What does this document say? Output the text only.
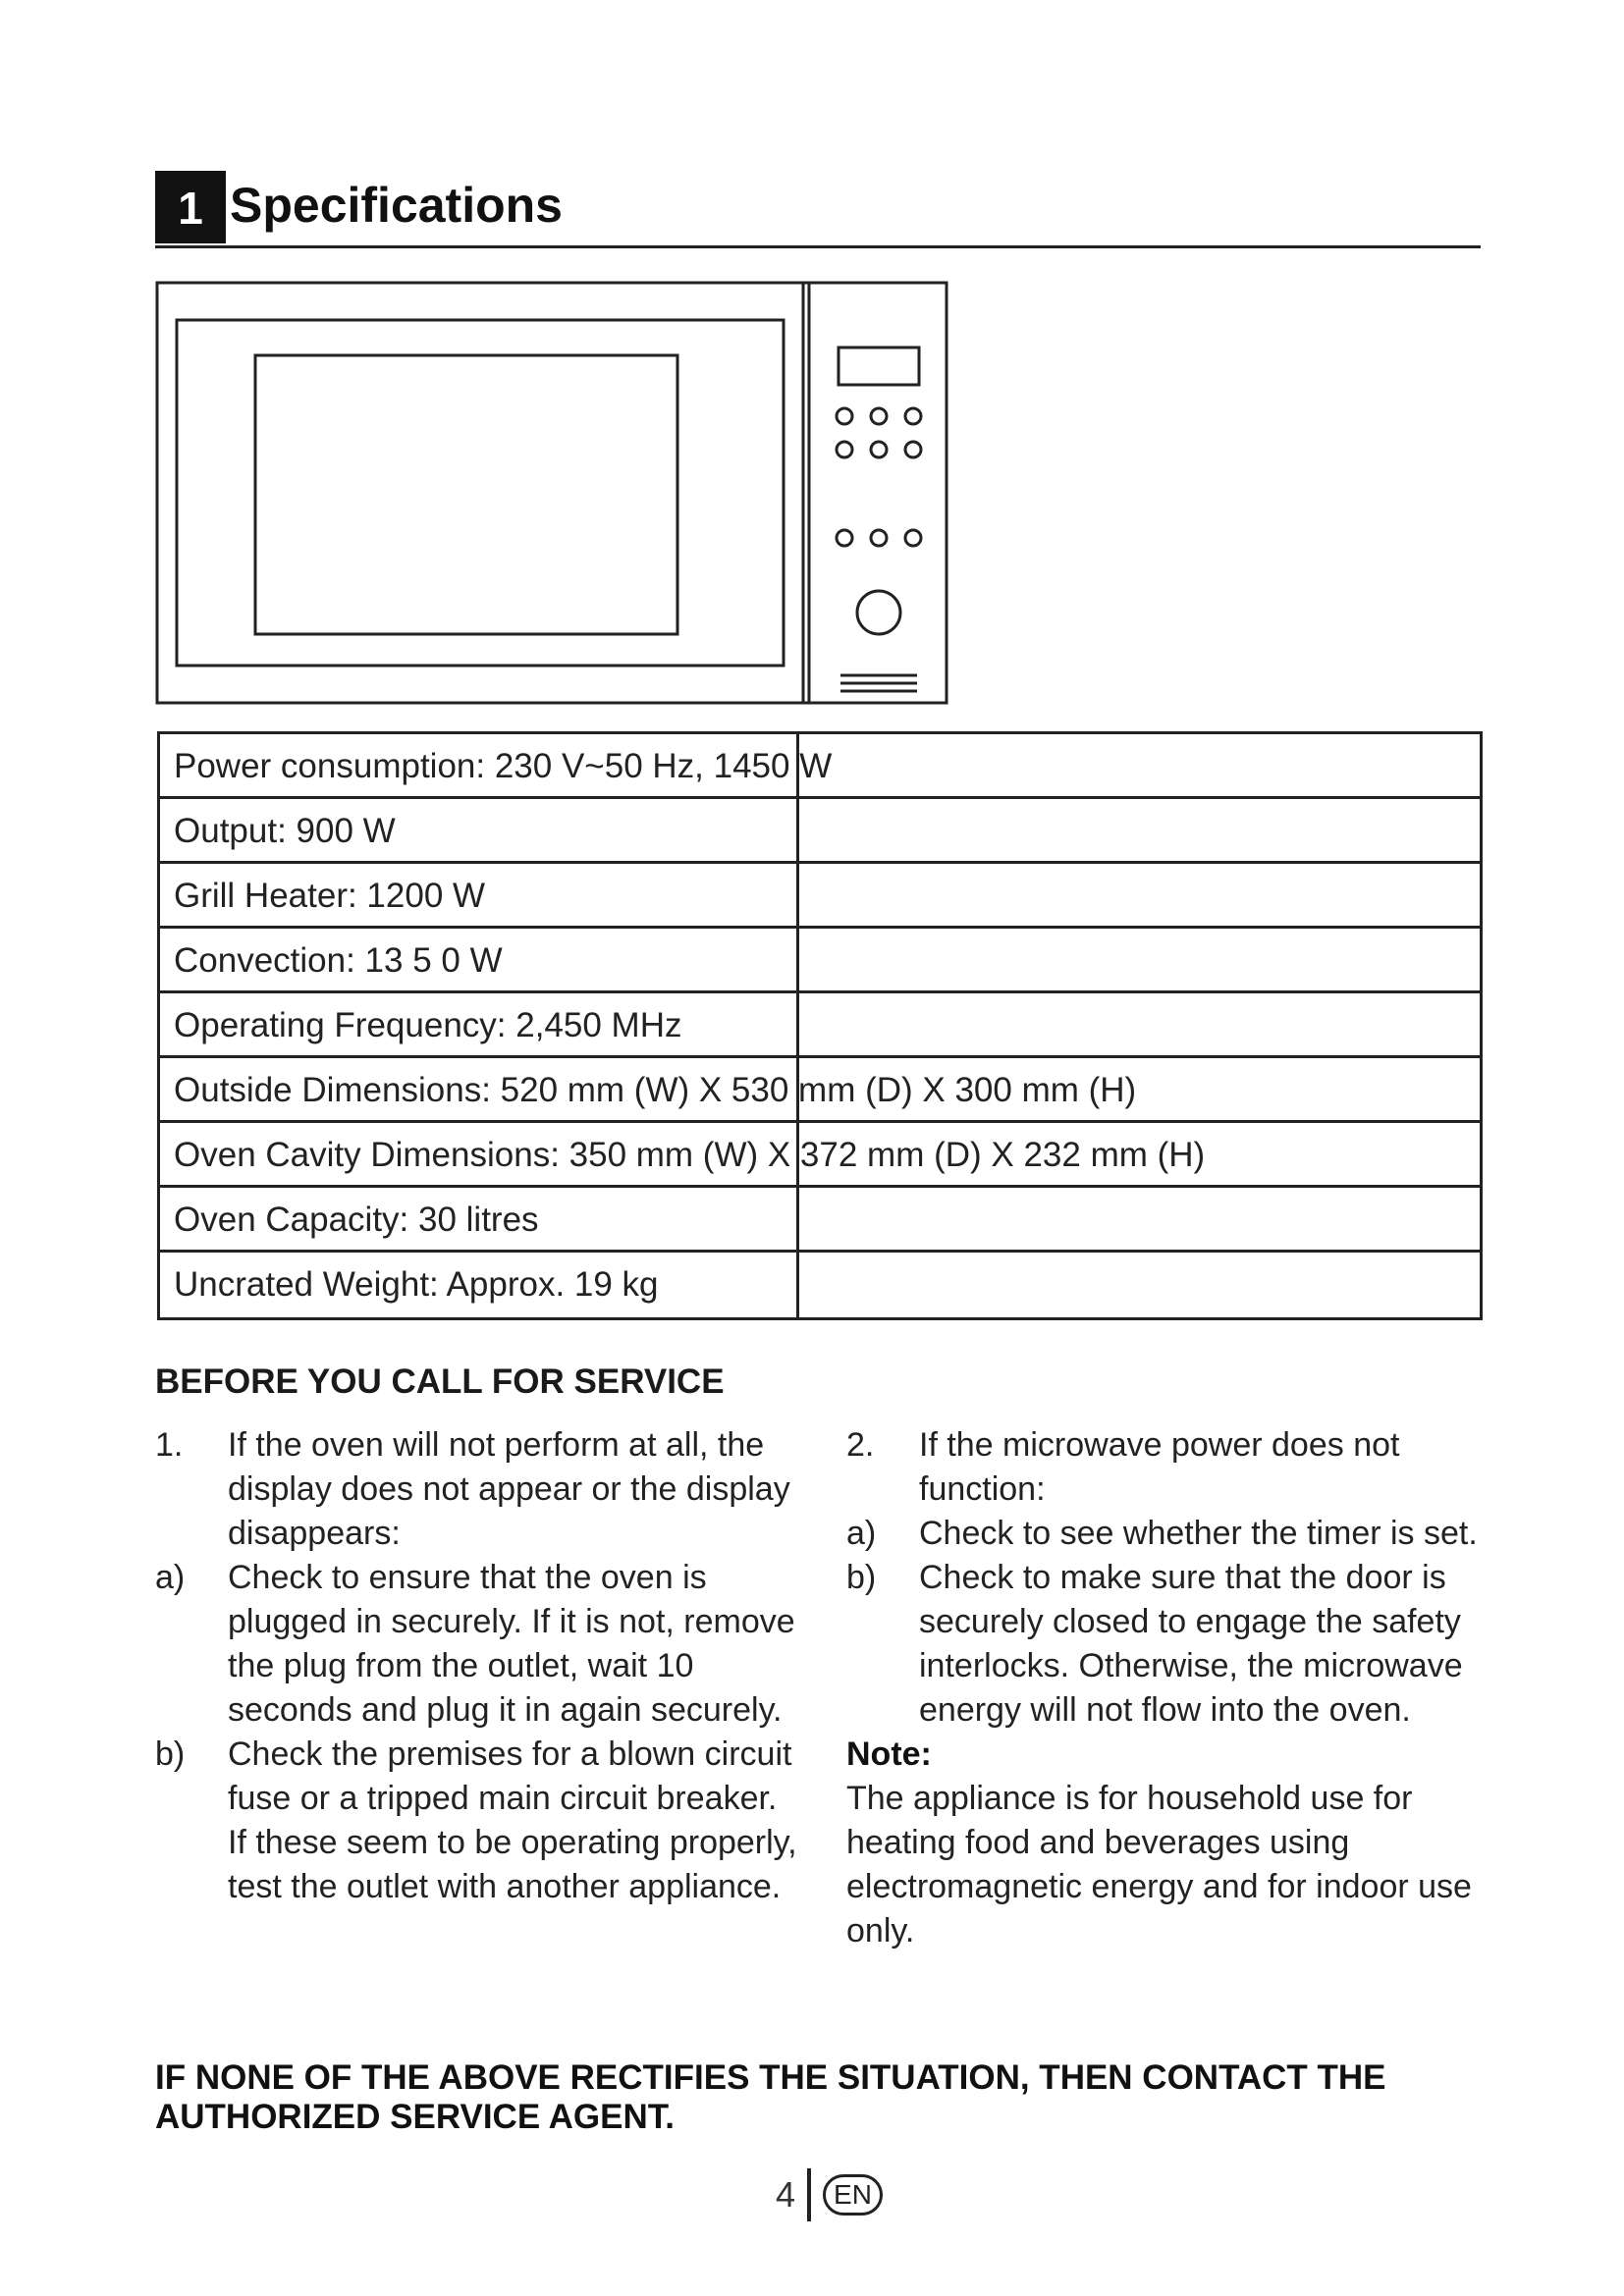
1 Specifications
Power consumption: 230 V~50 Hz, 1450 W
Output: 900 W
Grill Heater: 1200 W
Convection: 13 5 0 W
Operating Frequency: 2,450 MHz
Outside Dimensions: 520 mm (W) X 530 mm (D) X 300 mm (H)
Oven Cavity Dimensions: 350 mm (W) X 372 mm (D) X 232 mm (H)
Oven Capacity: 30 litres
Uncrated Weight: Approx. 19 kg
BEFORE YOU CALL FOR SERVICE
1. If the oven will not perform at all, the display does not appear or the display disappears:
a) Check to ensure that the oven is plugged in securely. If it is not, remove the plug from the outlet, wait 10 seconds and plug it in again securely.
b) Check the premises for a blown circuit fuse or a tripped main circuit breaker. If these seem to be operating properly, test the outlet with another appliance.
2. If the microwave power does not function:
a) Check to see whether the timer is set.
b) Check to make sure that the door is securely closed to engage the safety interlocks. Otherwise, the microwave energy will not flow into the oven.
Note:
The appliance is for household use for heating food and beverages using electromagnetic energy and for indoor use only.
IF NONE OF THE ABOVE RECTIFIES THE SITUATION, THEN CONTACT THE AUTHORIZED SERVICE AGENT.
4	EN
